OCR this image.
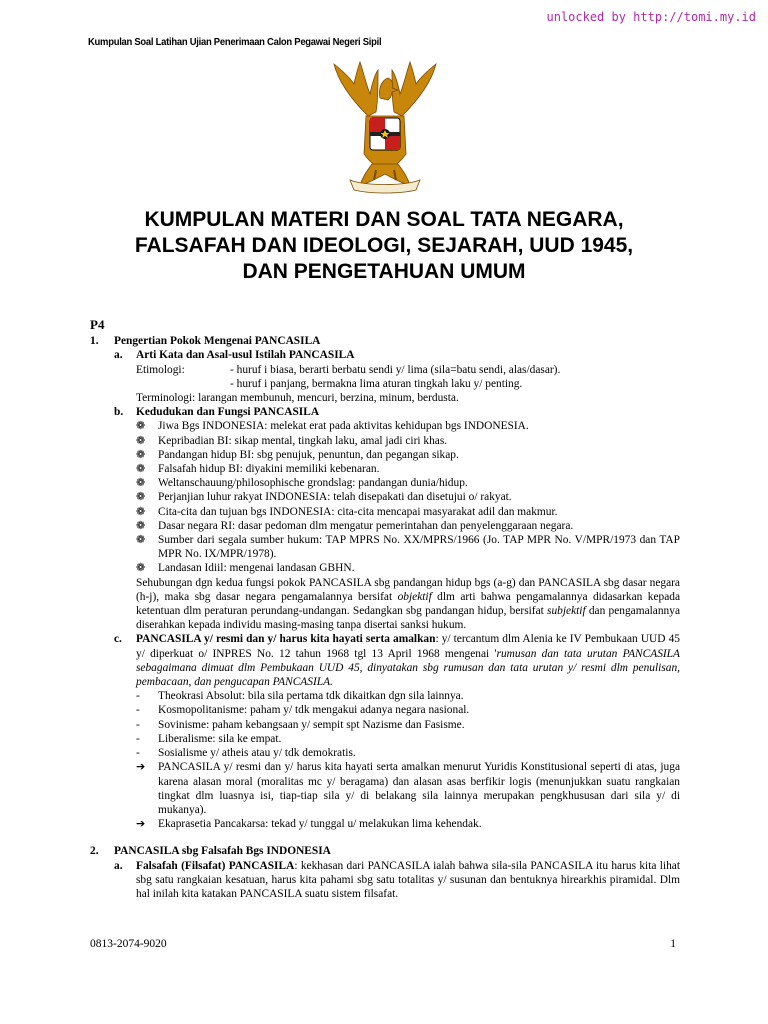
unlocked by http://tomi.my.id
Kumpulan Soal Latihan Ujian Penerimaan Calon Pegawai Negeri Sipil
KUMPULAN MATERI DAN SOAL TATA NEGARA,
FALSAFAH DAN IDEOLOGI, SEJARAH, UUD 1945,
DAN PENGETAHUAN UMUM
P4
1.	Pengertian Pokok Mengenai PANCASILA
a.	Arti Kata dan Asal-usul Istilah PANCASILA
Etimologi:	- huruf i biasa, berarti berbatu sendi y/ lima (sila=batu sendi, alas/dasar).
- huruf i panjang, bermakna lima aturan tingkah laku y/ penting.
Terminologi: larangan membunuh, mencuri, berzina, minum, berdusta.
b.	Kedudukan dan Fungsi PANCASILA
❁	Jiwa Bgs INDONESIA: melekat erat pada aktivitas kehidupan bgs INDONESIA.
❁	Kepribadian BI: sikap mental, tingkah laku, amal jadi ciri khas.
❁	Pandangan hidup BI: sbg penujuk, penuntun, dan pegangan sikap.
❁	Falsafah hidup BI: diyakini memiliki kebenaran.
❁	Weltanschauung/philosophische grondslag: pandangan dunia/hidup.
❁	Perjanjian luhur rakyat INDONESIA: telah disepakati dan disetujui o/ rakyat.
❁	Cita-cita dan tujuan bgs INDONESIA: cita-cita mencapai masyarakat adil dan makmur.
❁	Dasar negara RI: dasar pedoman dlm mengatur pemerintahan dan penyelenggaraan negara.
❁	Sumber dari segala sumber hukum: TAP MPRS No. XX/MPRS/1966 (Jo. TAP MPR No. V/MPR/1973 dan TAP MPR No. IX/MPR/1978).
❁	Landasan Idiil: mengenai landasan GBHN.
Sehubungan dgn kedua fungsi pokok PANCASILA sbg pandangan hidup bgs (a-g) dan PANCASILA sbg dasar negara (h-j), maka sbg dasar negara pengamalannya bersifat objektif dlm arti bahwa pengamalannya didasarkan kepada ketentuan dlm peraturan perundang-undangan. Sedangkan sbg pandangan hidup, bersifat subjektif dan pengamalannya diserahkan kepada individu masing-masing tanpa disertai sanksi hukum.
c.	PANCASILA y/ resmi dan y/ harus kita hayati serta amalkan: y/ tercantum dlm Alenia ke IV Pembukaan UUD 45 y/ diperkuat o/ INPRES No. 12 tahun 1968 tgl 13 April 1968 mengenai 'rumusan dan tata urutan PANCASILA sebagaimana dimuat dlm Pembukaan UUD 45, dinyatakan sbg rumusan dan tata urutan y/ resmi dlm penulisan, pembacaan, dan pengucapan PANCASILA.
-	Theokrasi Absolut: bila sila pertama tdk dikaitkan dgn sila lainnya.
-	Kosmopolitanisme: paham y/ tdk mengakui adanya negara nasional.
-	Sovinisme: paham kebangsaan y/ sempit spt Nazisme dan Fasisme.
-	Liberalisme: sila ke empat.
-	Sosialisme y/ atheis atau y/ tdk demokratis.
➔	PANCASILA y/ resmi dan y/ harus kita hayati serta amalkan menurut Yuridis Konstitusional seperti di atas, juga karena alasan moral (moralitas mc y/ beragama) dan alasan asas berfikir logis (menunjukkan suatu rangkaian tingkat dlm luasnya isi, tiap-tiap sila y/ di belakang sila lainnya merupakan pengkhususan dari sila y/ di mukanya).
➔	Ekaprasetia Pancakarsa: tekad y/ tunggal u/ melakukan lima kehendak.
2.	PANCASILA sbg Falsafah Bgs INDONESIA
a.	Falsafah (Filsafat) PANCASILA: kekhasan dari PANCASILA ialah bahwa sila-sila PANCASILA itu harus kita lihat sbg satu rangkaian kesatuan, harus kita pahami sbg satu totalitas y/ susunan dan bentuknya hirearkhis piramidal. Dlm hal inilah kita katakan PANCASILA suatu sistem filsafat.
0813-2074-9020	1
